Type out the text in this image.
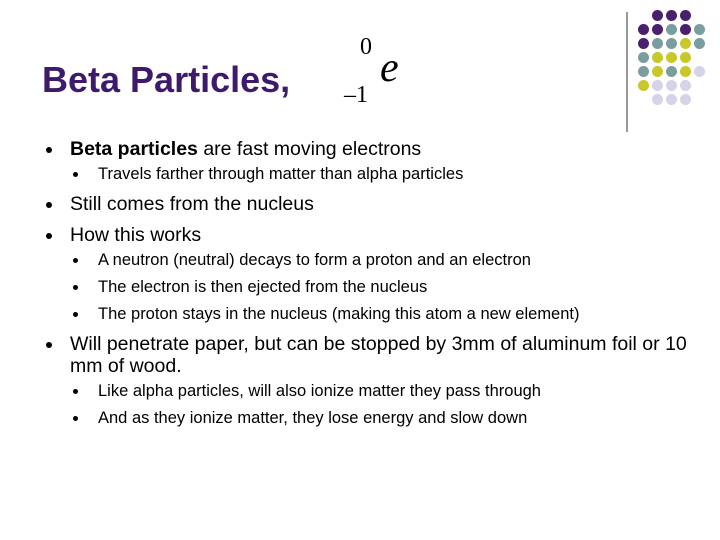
Beta Particles,
0
–1
e
Beta particles are fast moving electrons
Travels farther through matter than alpha particles
Still comes from the nucleus
How this works
A neutron (neutral) decays to form a proton and an electron
The electron is then ejected from the nucleus
The proton stays in the nucleus (making this atom a new element)
Will penetrate paper, but can be stopped by 3mm of aluminum foil or 10 mm of wood.
Like alpha particles, will also ionize matter they pass through
And as they ionize matter, they lose energy and slow down
